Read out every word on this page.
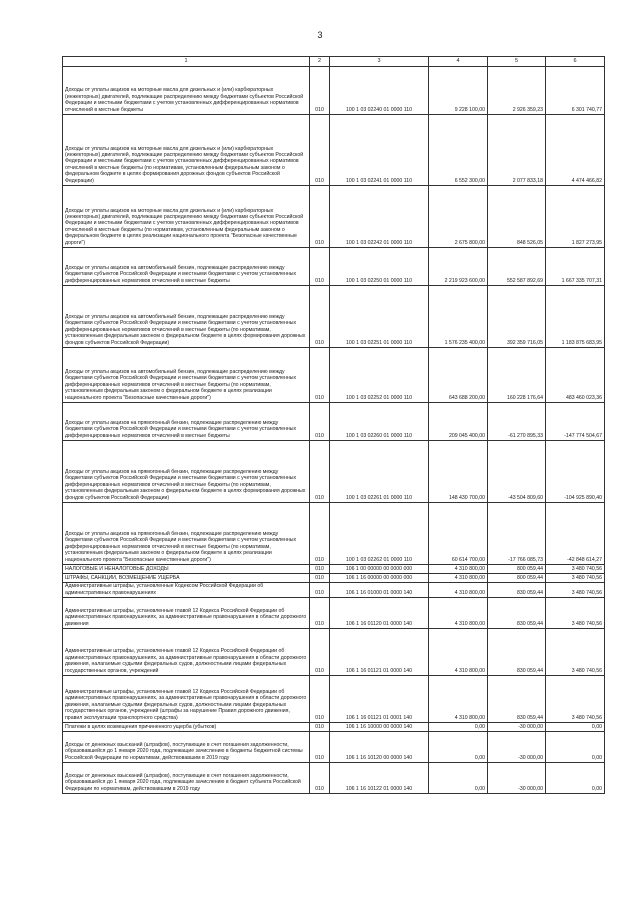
3
1	2	3	4	5	6
Доходы от уплаты акцизов на моторные масла для дизельных и (или) карбюраторных (инжекторных) двигателей, подлежащие распределению между бюджетами субъектов Российской Федерации и местными бюджетами с учетом установленных дифференцированных нормативов отчислений в местные бюджеты	010	100 1 03 02240 01 0000 110	9 228 100,00	2 926 359,23	6 301 740,77
Доходы от уплаты акцизов на моторные масла для дизельных и (или) карбюраторных (инжекторных) двигателей, подлежащие распределению между бюджетами субъектов Российской Федерации и местными бюджетами с учетом установленных дифференцированных нормативов отчислений в местные бюджеты (по нормативам, установленным федеральным законом о федеральном бюджете в целях формирования дорожных фондов субъектов Российской Федерации)	010	100 1 03 02241 01 0000 110	6 552 300,00	2 077 833,18	4 474 466,82
Доходы от уплаты акцизов на моторные масла для дизельных и (или) карбюраторных (инжекторных) двигателей, подлежащие распределению между бюджетами субъектов Российской Федерации и местными бюджетами с учетом установленных дифференцированных нормативов отчислений в местные бюджеты (по нормативам, установленным федеральным законом о федеральном бюджете в целях реализации национального проекта "Безопасные качественные дороги")	010	100 1 03 02242 01 0000 110	2 675 800,00	848 526,05	1 827 273,95
Доходы от уплаты акцизов на автомобильный бензин, подлежащие распределению между бюджетами субъектов Российской Федерации и местными бюджетами с учетом установленных дифференцированных нормативов отчислений в местные бюджеты	010	100 1 03 02250 01 0000 110	2 219 923 600,00	552 587 892,69	1 667 335 707,31
Доходы от уплаты акцизов на автомобильный бензин, подлежащие распределению между бюджетами субъектов Российской Федерации и местными бюджетами с учетом установленных дифференцированных нормативов отчислений в местные бюджеты (по нормативам, установленным федеральным законом о федеральном бюджете в целях формирования дорожных фондов субъектов Российской Федерации)	010	100 1 03 02251 01 0000 110	1 576 235 400,00	392 359 716,05	1 183 875 683,95
Доходы от уплаты акцизов на автомобильный бензин, подлежащие распределению между бюджетами субъектов Российской Федерации и местными бюджетами с учетом установленных дифференцированных нормативов отчислений в местные бюджеты (по нормативам, установленным федеральным законом о федеральном бюджете в целях реализации национального проекта "Безопасные качественные дороги")	010	100 1 03 02252 01 0000 110	643 688 200,00	160 228 176,64	483 460 023,36
Доходы от уплаты акцизов на прямогонный бензин, подлежащие распределению между бюджетами субъектов Российской Федерации и местными бюджетами с учетом установленных дифференцированных нормативов отчислений в местные бюджеты	010	100 1 03 02260 01 0000 110	209 045 400,00	-61 270 895,33	-147 774 504,67
Доходы от уплаты акцизов на прямогонный бензин, подлежащие распределению между бюджетами субъектов Российской Федерации и местными бюджетами с учетом установленных дифференцированных нормативов отчислений в местные бюджеты (по нормативам, установленным федеральным законом о федеральном бюджете в целях формирования дорожных фондов субъектов Российской Федерации)	010	100 1 03 02261 01 0000 110	148 430 700,00	-43 504 809,60	-104 925 890,40
Доходы от уплаты акцизов на прямогонный бензин, подлежащие распределению между бюджетами субъектов Российской Федерации и местными бюджетами с учетом установленных дифференцированных нормативов отчислений в местные бюджеты (по нормативам, установленным федеральным законом о федеральном бюджете в целях реализации национального проекта "Безопасные качественные дороги")	010	100 1 03 02262 01 0000 110	60 614 700,00	-17 766 085,73	-42 848 614,27
НАЛОГОВЫЕ И НЕНАЛОГОВЫЕ ДОХОДЫ	010	106 1 00 00000 00 0000 000	4 310 800,00	800 059,44	3 480 740,56
ШТРАФЫ, САНКЦИИ, ВОЗМЕЩЕНИЕ УЩЕРБА	010	106 1 16 00000 00 0000 000	4 310 800,00	800 059,44	3 480 740,56
Административные штрафы, установленные Кодексом Российской Федерации об административных правонарушениях	010	106 1 16 01000 01 0000 140	4 310 800,00	830 059,44	3 480 740,56
Административные штрафы, установленные главой 12 Кодекса Российской Федерации об административных правонарушениях, за административные правонарушения в области дорожного движения	010	106 1 16 01120 01 0000 140	4 310 800,00	830 059,44	3 480 740,56
Административные штрафы, установленные главой 12 Кодекса Российской Федерации об административных правонарушениях, за административные правонарушения в области дорожного движения, налагаемые судьями федеральных судов, должностными лицами федеральных государственных органов, учреждений	010	106 1 16 01121 01 0000 140	4 310 800,00	830 059,44	3 480 740,56
Административные штрафы, установленные главой 12 Кодекса Российской Федерации об административных правонарушениях, за административные правонарушения в области дорожного движения, налагаемые судьями федеральных судов, должностными лицами федеральных государственных органов, учреждений (штрафы за нарушение Правил дорожного движения, правил эксплуатации транспортного средства)	010	106 1 16 01121 01 0001 140	4 310 800,00	830 059,44	3 480 740,56
Платежи в целях возмещения причиненного ущерба (убытков)	010	106 1 16 10000 00 0000 140	0,00	-30 000,00	0,00
Доходы от денежных взысканий (штрафов), поступающие в счет погашения задолженности, образовавшейся до 1 января 2020 года, подлежащие зачислению в бюджеты бюджетной системы Российской Федерации по нормативам, действовавшим в 2019 году	010	106 1 16 10120 00 0000 140	0,00	-30 000,00	0,00
Доходы от денежных взысканий (штрафов), поступающие в счет погашения задолженности, образовавшейся до 1 января 2020 года, подлежащие зачислению в бюджет субъекта Российской Федерации по нормативам, действовавшим в 2019 году	010	106 1 16 10122 01 0000 140	0,00	-30 000,00	0,00
